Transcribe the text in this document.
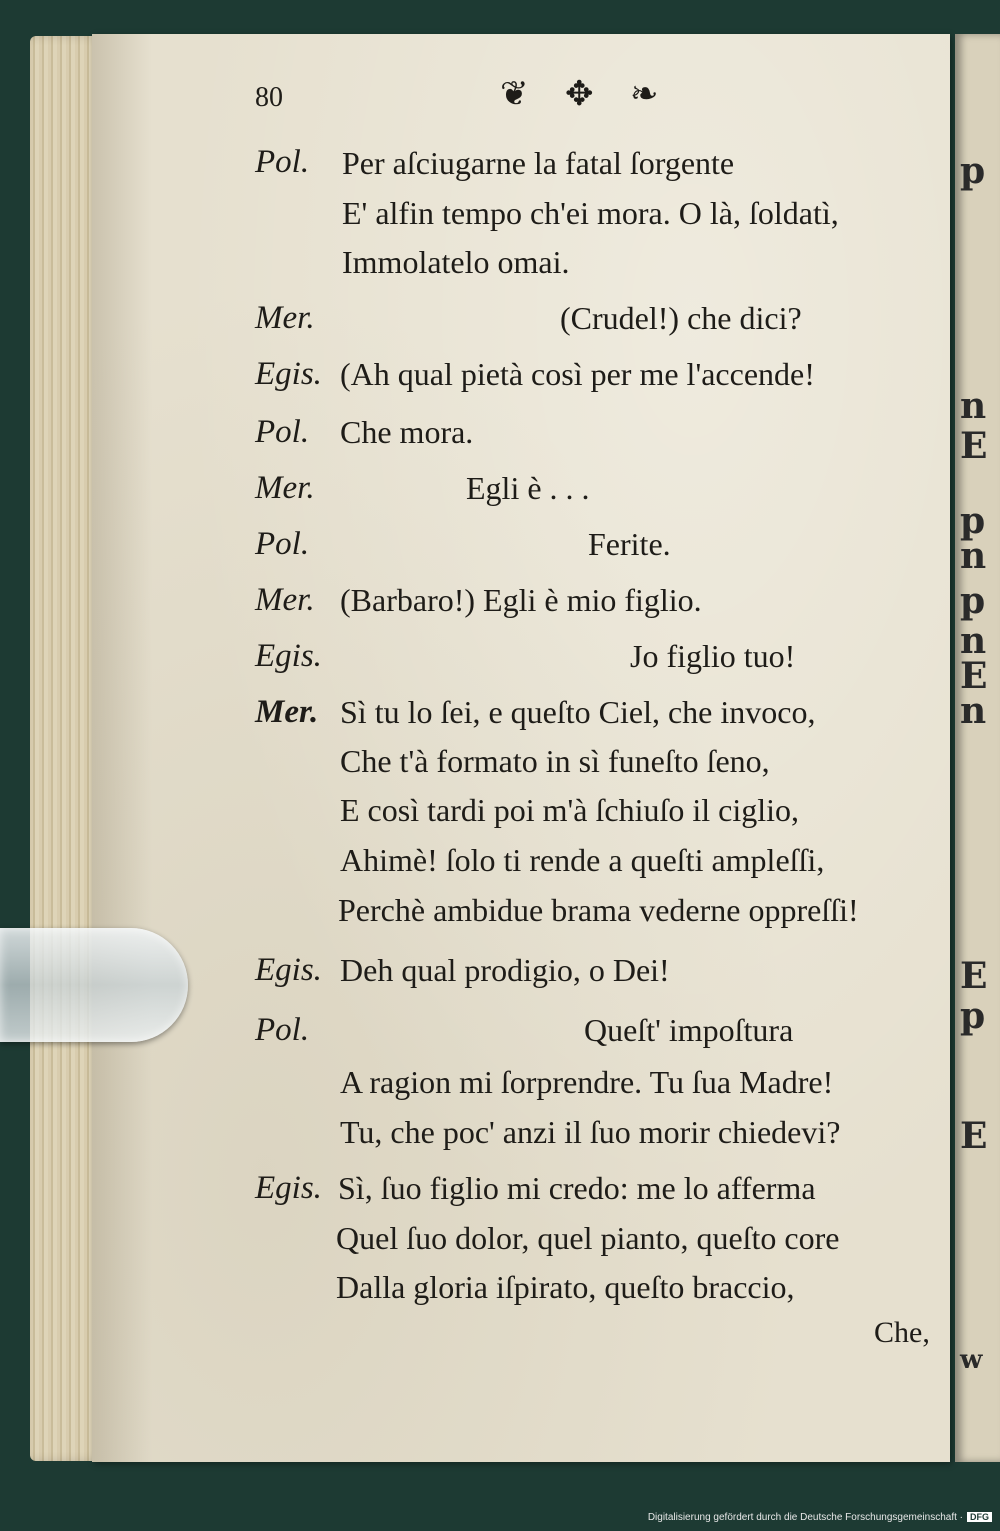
p
n
E
p
n
p
n
E
n
E
p
E
w
80	❦ ✥ ❧
Pol. Per aſciugarne la fatal ſorgente
E' alfin tempo ch'ei mora. O là, ſoldatì,
Immolatelo omai.
Mer.	(Crudel!) che dici?
Egis. (Ah qual pietà così per me l'accende!
Pol. Che mora.
Mer.	Egli è . . .
Pol.	Ferite.
Mer. (Barbaro!) Egli è mio figlio.
Egis.	Jo figlio tuo!
Mer. Sì tu lo ſei, e queſto Ciel, che invoco,
Che t'à formato in sì funeſto ſeno,
E così tardi poi m'à ſchiuſo il ciglio,
Ahimè! ſolo ti rende a queſti ampleſſi,
Perchè ambidue brama vederne oppreſſi!
Egis. Deh qual prodigio, o Dei!
Pol.	Queſt' impoſtura
A ragion mi ſorprendre. Tu ſua Madre!
Tu, che poc' anzi il ſuo morir chiedevi?
Egis. Sì, ſuo figlio mi credo: me lo afferma
Quel ſuo dolor, quel pianto, queſto core
Dalla gloria iſpirato, queſto braccio,
Che,
Digitalisierung gefördert durch die Deutsche Forschungsgemeinschaft · DFG
